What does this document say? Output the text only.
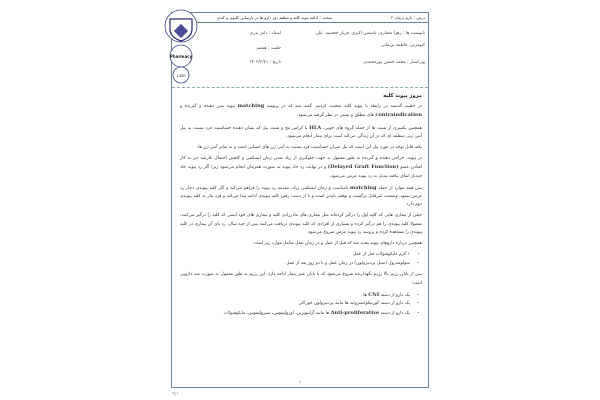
درس : دارو درمان ۲
مبحث : ادامه پیوند کلیه و تنظیم دوز دارو ها در نارسایی کلیوی و کبدی
تایپیست ها : زهرا مختاری، یاسمین اکبری، فرناز خجسته، علی
کیومرثی، فاطمه نریمانی
ویراستار : محمد حسین پورمحمدی
استاد : دکتر بدری
جلسه : هشتم
تاریخ : ۱۴۰۲/۲/۲۱
Pharmacy
1400
مرور پیوند کلیه

در جلسه گذشته در رابطه با پیوند کلیه صحبت کردیم. گفته شد که در پروسه matching پیوند سن دهنده و گیرنده و contraindication های مطلق و نسبی در نظر گرفته می‌شود.

همچنین یکسری از تست ها از جمله گروه های خونی، HLA یا کراس مچ و تست پنل که نشان دهنده حساسیت فرد نسبت به پنل آنتی ژنی منطقه ای که در آن زندگی می‌کند است برای بیمار انجام می‌شود.

نکته قابل توجه در مورد پنل این است که پنل میزان حساسیت فرد نسبت به آنتی ژن های انسانی است و نه سایر آنتی ژن ها.

در پیوند، جراحی دهنده و گیرنده به طور معمول به جهت جلوگیری از زیاد شدن زمان ایسکمی و کاهش احتمال عارضه دیر به کار افتادن عضو (Delayed Graft Function) و در نهایت رد حاد پیوند به صورت همزمان انجام می‌شود زیرا اگر رد پیوند حاد چندبار اتفاق بیافتد تبدیل به رد پیوند مزمن می‌شود.

پس همه موارد از جمله matching نامناسب و زمان ایسکمی زیاد، مقدمه رد پیوند را فراهم می‌کند و اگر کلیه پیوندی دچار رد مزمن بشود، وضعیت غیرقابل برگشت و توقف ناپذیر است و تا از دست رفتن کلیه پیوندی ادامه پیدا می‌کند و فرد نیاز به کلیه پیوندی دوم دارد.

خیلی از بیماری هایی که کلیه اول را درگیر کرده‌اند مثل بیماری های مادرزادی کلیه و بیماری های خود ایمنی که کلیه را درگیر می‌کنند، معمولا کلیه پیوندی را هم درگیر کرده و بسیاری از افرادی که کلیه پیوندی دریافت می‌کنند پس از چند سال، رد پای آن بیماری در کلیه پیوندی را مشاهده کرده و پروسه رد پیوند مزمن شروع می‌شود.

همچنین درباره داروهای پیوند بحث شد که قبل از عمل و در زمان عمل شامل موارد زیر است:

• ۱ گرم مایکوفنولات قبل از عمل
• سولومدرول (متیل پردنیزولون) در زمان عمل و تا دو روز بعد از عمل

پس از پایان رژیم بالا رژیم نگهدارنده شروع می‌شود که تا پایان عمر بیمار ادامه دارد. این رژیم به طور معمول به صورت سه دارویی است:

• یک دارو از دسته CNI ها
• یک دارو از دسته کورتیکواستروئید ها مانند پردنیزولون خوراکی
• یک دارو از دسته Anti-proliferative ها مانند آزاتیوپرین، اورولیموس، سیرولیموس، مایکوفنولات
۱
۹/۱
